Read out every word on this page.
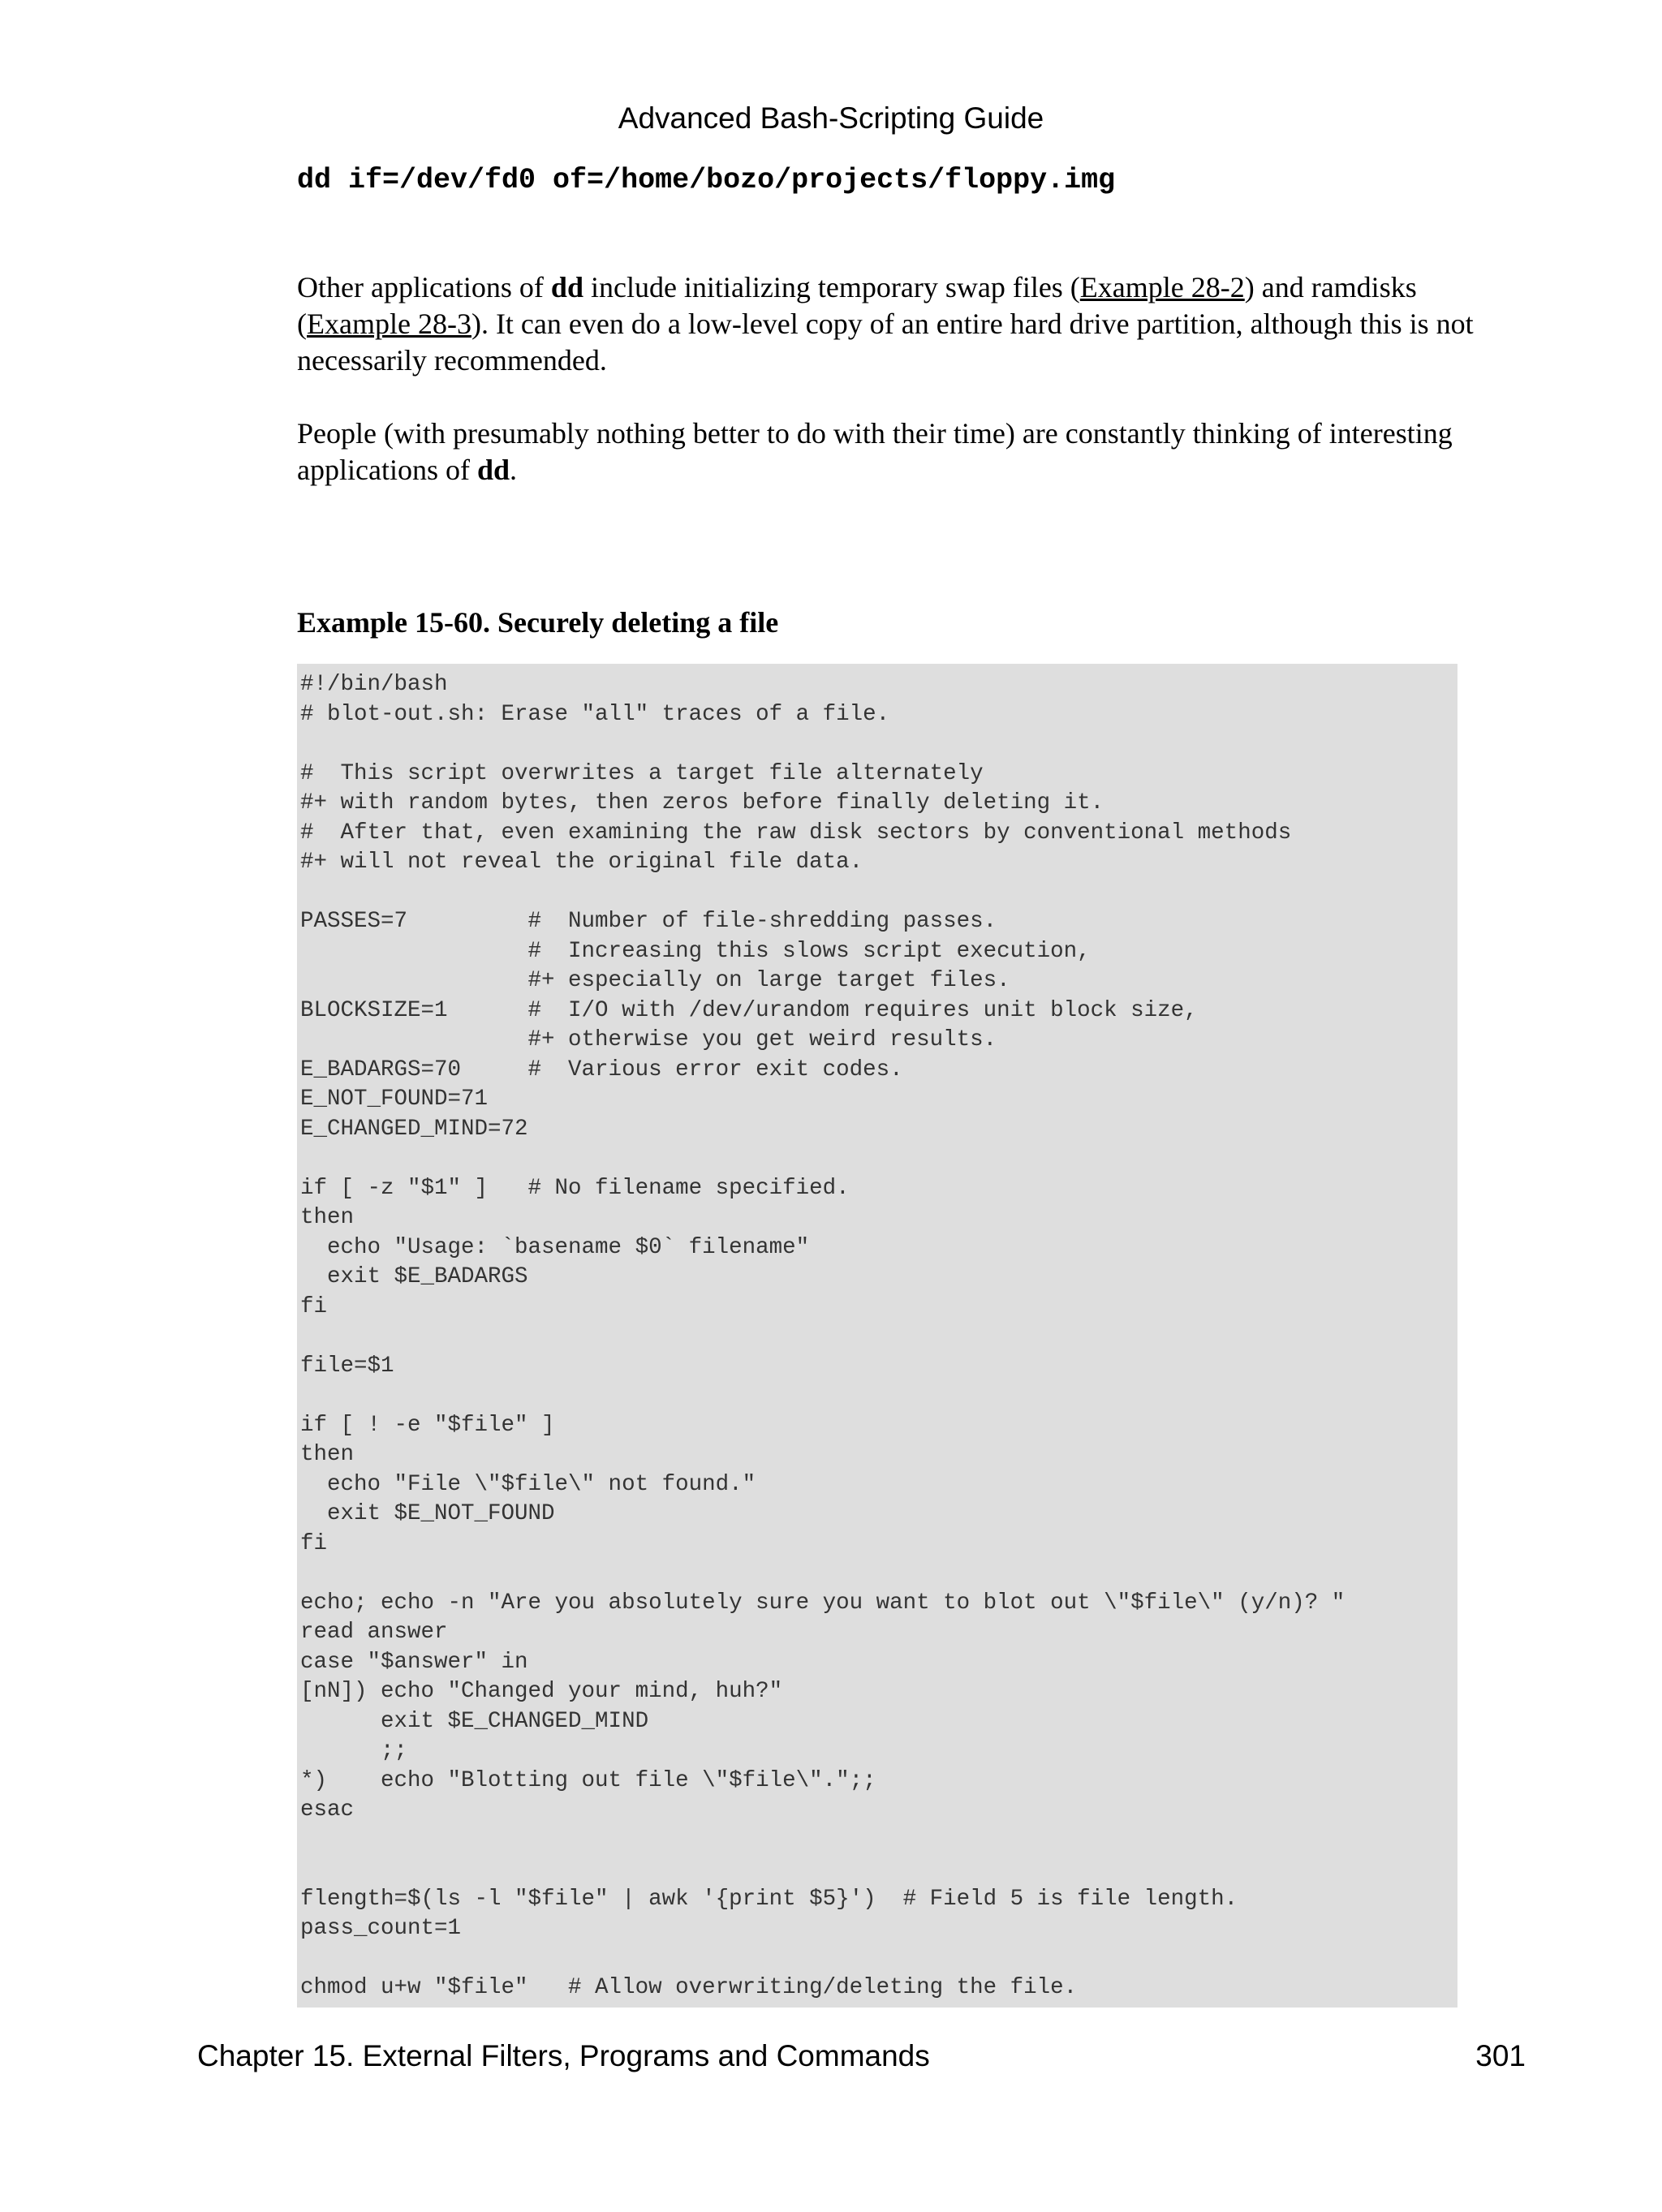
Advanced Bash-Scripting Guide

dd if=/dev/fd0 of=/home/bozo/projects/floppy.img

Other applications of dd include initializing temporary swap files (Example 28-2) and ramdisks (Example 28-3). It can even do a low-level copy of an entire hard drive partition, although this is not necessarily recommended.

People (with presumably nothing better to do with their time) are constantly thinking of interesting applications of dd.

Example 15-60. Securely deleting a file

#!/bin/bash
# blot-out.sh: Erase "all" traces of a file.
#  This script overwrites a target file alternately
#+ with random bytes, then zeros before finally deleting it.
#  After that, even examining the raw disk sectors by conventional methods
#+ will not reveal the original file data.
PASSES=7         #  Number of file-shredding passes.
#  Increasing this slows script execution,
#+ especially on large target files.
BLOCKSIZE=1      #  I/O with /dev/urandom requires unit block size,
#+ otherwise you get weird results.
E_BADARGS=70     #  Various error exit codes.
E_NOT_FOUND=71
E_CHANGED_MIND=72
if [ -z "$1" ]   # No filename specified.
then
echo "Usage: `basename $0` filename"
exit $E_BADARGS
fi
file=$1
if [ ! -e "$file" ]
then
echo "File \"$file\" not found."
exit $E_NOT_FOUND
fi
echo; echo -n "Are you absolutely sure you want to blot out \"$file\" (y/n)? "
read answer
case "$answer" in
[nN]) echo "Changed your mind, huh?"
exit $E_CHANGED_MIND
;;
*)    echo "Blotting out file \"$file\".";;
esac
flength=$(ls -l "$file" | awk '{print $5}')  # Field 5 is file length.
pass_count=1
chmod u+w "$file"   # Allow overwriting/deleting the file.
Chapter 15. External Filters, Programs and Commands	301
